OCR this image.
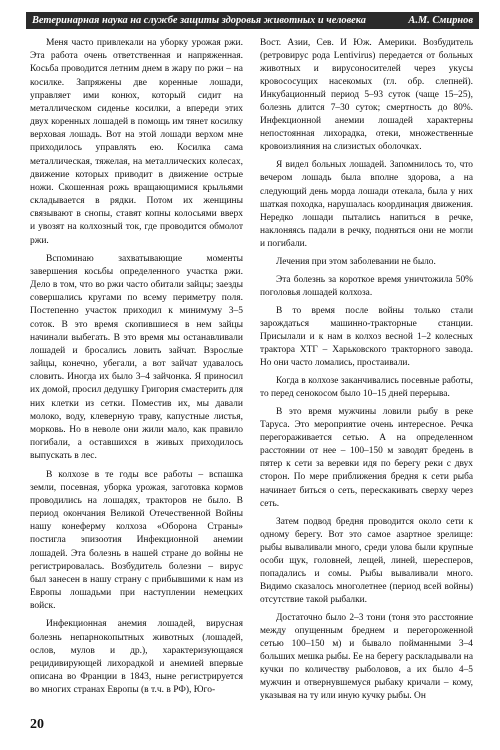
Ветеринарная наука на службе защиты здоровья животных и человека	А.М. Смирнов

Меня часто привлекали на уборку урожая ржи. Эта работа очень ответственная и напряженная. Косьба проводится летним днем в жару по ржи – на косилке. Запряжены две коренные лошади, управляет ими конюх, который сидит на металлическом сиденье косилки, а впереди этих двух коренных лошадей в помощь им тянет косилку верховая лошадь. Вот на этой лошади верхом мне приходилось управлять ею. Косилка сама металлическая, тяжелая, на металлических колесах, движение которых приводит в движение острые ножи. Скошенная рожь вращающимися крыльями складывается в рядки. Потом их женщины связывают в снопы, ставят копны колосьями вверх и увозят на колхозный ток, где проводится обмолот ржи.

Вспоминаю захватывающие моменты завершения косьбы определенного участка ржи. Дело в том, что во ржи часто обитали зайцы; заезды совершались кругами по всему периметру поля. Постепенно участок приходил к минимуму 3–5 соток. В это время скопившиеся в нем зайцы начинали выбегать. В это время мы останавливали лошадей и бросались ловить зайчат. Взрослые зайцы, конечно, убегали, а вот зайчат удавалось словить. Иногда их было 3–4 зайчонка. Я приносил их домой, просил дедушку Григория смастерить для них клетки из сетки. Поместив их, мы давали молоко, воду, клеверную траву, капустные листья, морковь. Но в неволе они жили мало, как правило погибали, а оставшихся в живых приходилось выпускать в лес.

В колхозе в те годы все работы – вспашка земли, посевная, уборка урожая, заготовка кормов проводились на лошадях, тракторов не было. В период окончания Великой Отечественной Войны нашу конеферму колхоза «Оборона Страны» постигла эпизоотия Инфекционной анемии лошадей. Эта болезнь в нашей стране до войны не регистрировалась. Возбудитель болезни – вирус был занесен в нашу страну с прибывшими к нам из Европы лошадьми при наступлении немецких войск.

Инфекционная анемия лошадей, вирусная болезнь непарнокопытных животных (лошадей, ослов, мулов и др.), характеризующаяся рецидивирующей лихорадкой и анемией впервые описана во Франции в 1843, ныне регистрируется во многих странах Европы (в т.ч. в РФ), Юго-

Вост. Азии, Сев. И Юж. Америки. Возбудитель (ретровирус рода Lentivirus) передается от больных животных и вирусоносителей через укусы кровососущих насекомых (гл. обр. слепней). Инкубационный период 5–93 суток (чаще 15–25), болезнь длится 7–30 суток; смертность до 80%. Инфекционной анемии лошадей характерны непостоянная лихорадка, отеки, множественные кровоизлияния на слизистых оболочках.

Я видел больных лошадей. Запомнилось то, что вечером лошадь была вполне здорова, а на следующий день морда лошади отекала, была у них шаткая походка, нарушалась координация движения. Нередко лошади пытались напиться в речке, наклоняясь падали в речку, подняться они не могли и погибали.

Лечения при этом заболевании не было.

Эта болезнь за короткое время уничтожила 50% поголовья лошадей колхоза.

В то время после войны только стали зарождаться машинно-тракторные станции. Присылали и к нам в колхоз весной 1–2 колесных трактора ХТГ – Харьковского тракторного завода. Но они часто ломались, простаивали.

Когда в колхозе заканчивались посевные работы, то перед сенокосом было 10–15 дней перерыва.

В это время мужчины ловили рыбу в реке Таруса. Это мероприятие очень интересное. Речка перегораживается сетью. А на определенном расстоянии от нее – 100–150 м заводят бредень в пятер к сети за веревки идя по берегу реки с двух сторон. По мере приближения бредня к сети рыба начинает биться о сеть, перескакивать сверху через сеть.

Затем подвод бредня проводится около сети к одному берегу. Вот это самое азартное зрелище: рыбы вываливали много, среди улова были крупные особи щук, головней, лещей, линей, шересперов, попадались и сомы. Рыбы вываливали много. Видимо сказалось многолетнее (период всей войны) отсутствие такой рыбалки.

Достаточно было 2–3 тони (тоня это расстояние между опущенным бреднем и перегороженной сетью 100–150 м) и бывало пойманными 3–4 больших мешка рыбы. Ее на берегу раскладывали на кучки по количеству рыболовов, а их было 4–5 мужчин и отвернувшемуся рыбаку кричали – кому, указывая на ту или иную кучку рыбы. Он

20
